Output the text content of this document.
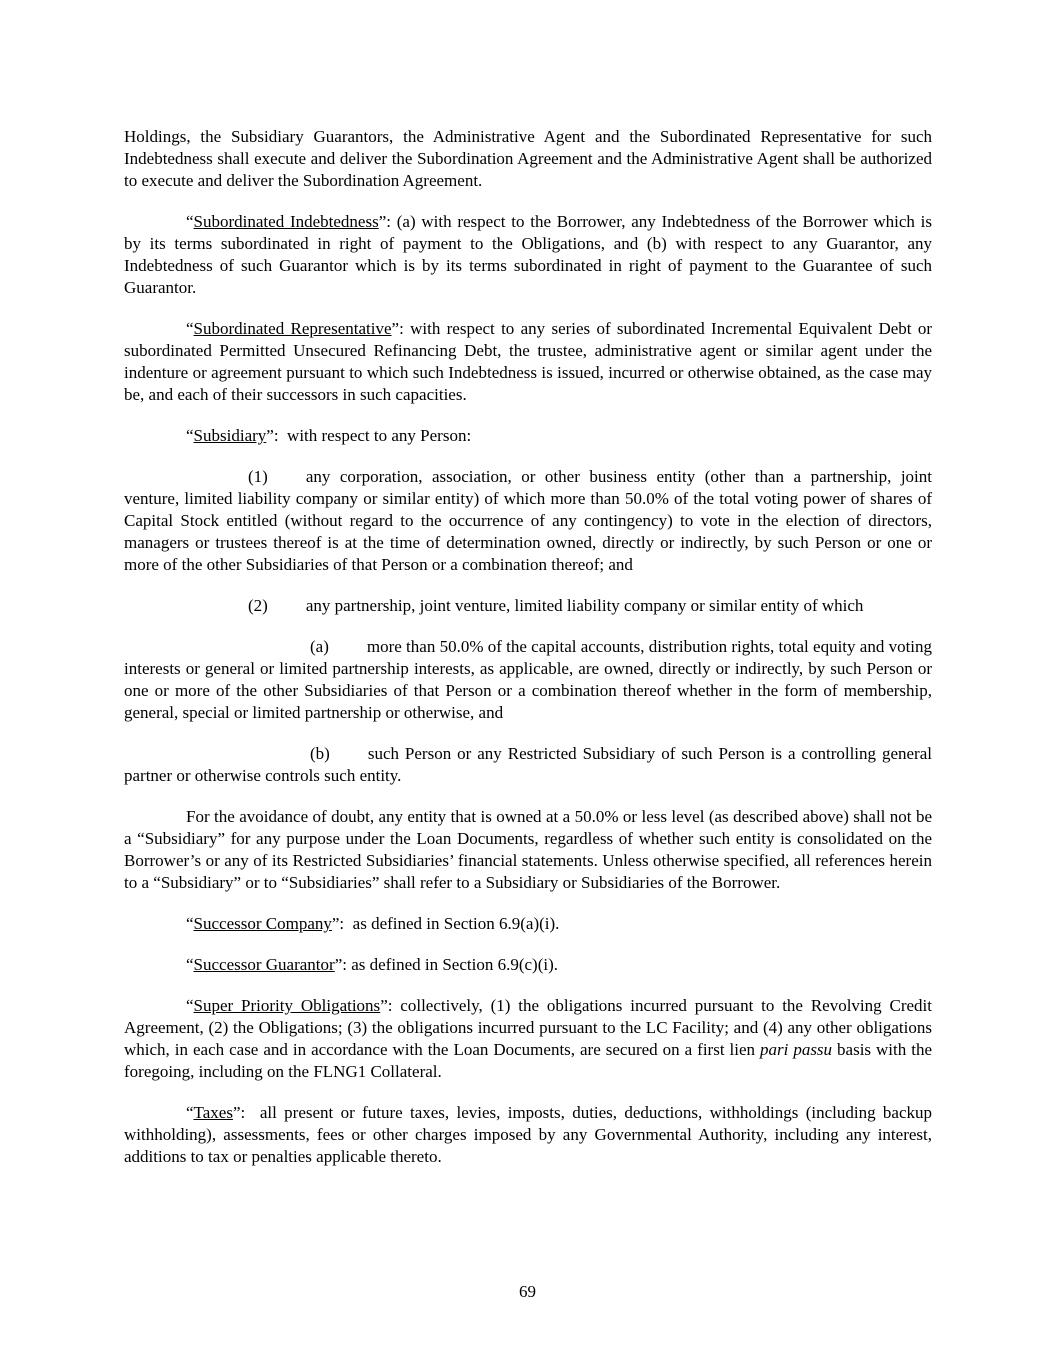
Holdings, the Subsidiary Guarantors, the Administrative Agent and the Subordinated Representative for such Indebtedness shall execute and deliver the Subordination Agreement and the Administrative Agent shall be authorized to execute and deliver the Subordination Agreement.

“Subordinated Indebtedness”: (a) with respect to the Borrower, any Indebtedness of the Borrower which is by its terms subordinated in right of payment to the Obligations, and (b) with respect to any Guarantor, any Indebtedness of such Guarantor which is by its terms subordinated in right of payment to the Guarantee of such Guarantor.

“Subordinated Representative”: with respect to any series of subordinated Incremental Equivalent Debt or subordinated Permitted Unsecured Refinancing Debt, the trustee, administrative agent or similar agent under the indenture or agreement pursuant to which such Indebtedness is issued, incurred or otherwise obtained, as the case may be, and each of their successors in such capacities.

“Subsidiary”:  with respect to any Person:

(1) any corporation, association, or other business entity (other than a partnership, joint venture, limited liability company or similar entity) of which more than 50.0% of the total voting power of shares of Capital Stock entitled (without regard to the occurrence of any contingency) to vote in the election of directors, managers or trustees thereof is at the time of determination owned, directly or indirectly, by such Person or one or more of the other Subsidiaries of that Person or a combination thereof; and

(2) any partnership, joint venture, limited liability company or similar entity of which

(a) more than 50.0% of the capital accounts, distribution rights, total equity and voting interests or general or limited partnership interests, as applicable, are owned, directly or indirectly, by such Person or one or more of the other Subsidiaries of that Person or a combination thereof whether in the form of membership, general, special or limited partnership or otherwise, and

(b) such Person or any Restricted Subsidiary of such Person is a controlling general partner or otherwise controls such entity.

For the avoidance of doubt, any entity that is owned at a 50.0% or less level (as described above) shall not be a “Subsidiary” for any purpose under the Loan Documents, regardless of whether such entity is consolidated on the Borrower’s or any of its Restricted Subsidiaries’ financial statements. Unless otherwise specified, all references herein to a “Subsidiary” or to “Subsidiaries” shall refer to a Subsidiary or Subsidiaries of the Borrower.

“Successor Company”:  as defined in Section 6.9(a)(i).

“Successor Guarantor”: as defined in Section 6.9(c)(i).

“Super Priority Obligations”: collectively, (1) the obligations incurred pursuant to the Revolving Credit Agreement, (2) the Obligations; (3) the obligations incurred pursuant to the LC Facility; and (4) any other obligations which, in each case and in accordance with the Loan Documents, are secured on a first lien pari passu basis with the foregoing, including on the FLNG1 Collateral.

“Taxes”:  all present or future taxes, levies, imposts, duties, deductions, withholdings (including backup withholding), assessments, fees or other charges imposed by any Governmental Authority, including any interest, additions to tax or penalties applicable thereto.

69
